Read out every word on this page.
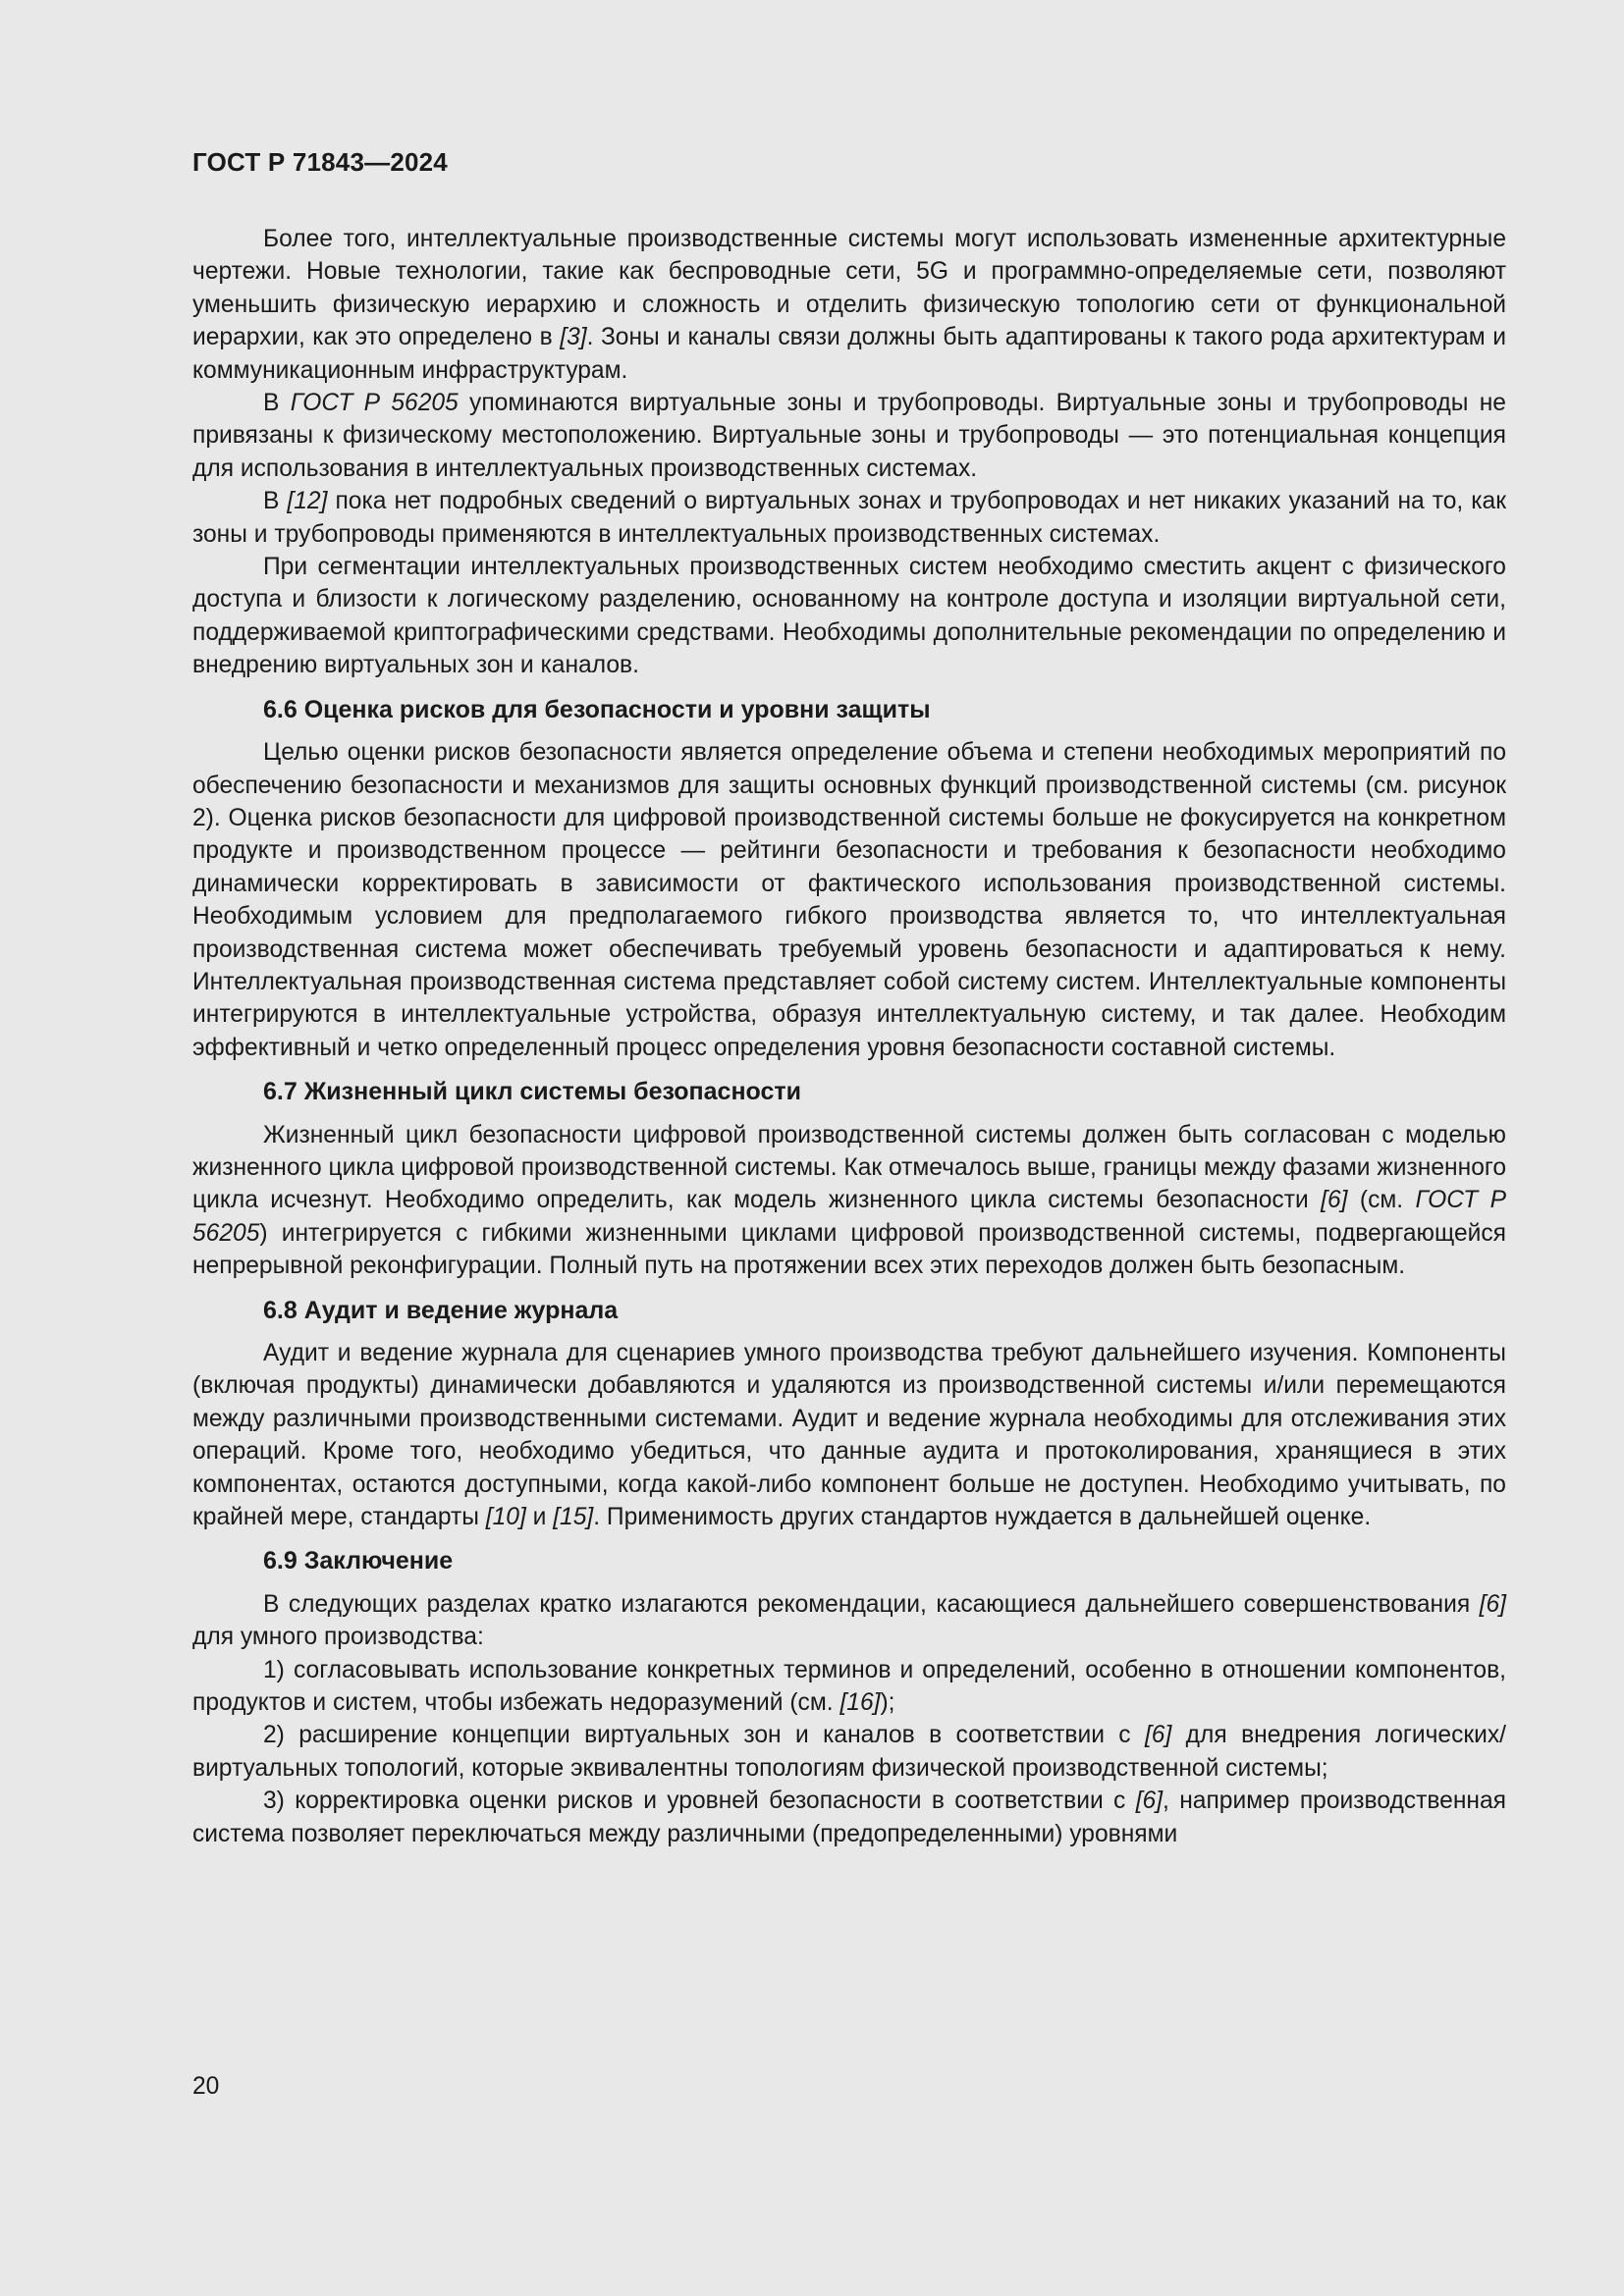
ГОСТ Р 71843—2024

Более того, интеллектуальные производственные системы могут использовать измененные архитектурные чертежи. Новые технологии, такие как беспроводные сети, 5G и программно-определяемые сети, позволяют уменьшить физическую иерархию и сложность и отделить физическую топологию сети от функциональной иерархии, как это определено в [3]. Зоны и каналы связи должны быть адаптированы к такого рода архитектурам и коммуникационным инфраструктурам.

В ГОСТ Р 56205 упоминаются виртуальные зоны и трубопроводы. Виртуальные зоны и трубопроводы не привязаны к физическому местоположению. Виртуальные зоны и трубопроводы — это потенциальная концепция для использования в интеллектуальных производственных системах.

В [12] пока нет подробных сведений о виртуальных зонах и трубопроводах и нет никаких указаний на то, как зоны и трубопроводы применяются в интеллектуальных производственных системах.

При сегментации интеллектуальных производственных систем необходимо сместить акцент с физического доступа и близости к логическому разделению, основанному на контроле доступа и изоляции виртуальной сети, поддерживаемой криптографическими средствами. Необходимы дополнительные рекомендации по определению и внедрению виртуальных зон и каналов.

6.6 Оценка рисков для безопасности и уровни защиты

Целью оценки рисков безопасности является определение объема и степени необходимых мероприятий по обеспечению безопасности и механизмов для защиты основных функций производственной системы (см. рисунок 2). Оценка рисков безопасности для цифровой производственной системы больше не фокусируется на конкретном продукте и производственном процессе — рейтинги безопасности и требования к безопасности необходимо динамически корректировать в зависимости от фактического использования производственной системы. Необходимым условием для предполагаемого гибкого производства является то, что интеллектуальная производственная система может обеспечивать требуемый уровень безопасности и адаптироваться к нему. Интеллектуальная производственная система представляет собой систему систем. Интеллектуальные компоненты интегрируются в интеллектуальные устройства, образуя интеллектуальную систему, и так далее. Необходим эффективный и четко определенный процесс определения уровня безопасности составной системы.

6.7 Жизненный цикл системы безопасности

Жизненный цикл безопасности цифровой производственной системы должен быть согласован с моделью жизненного цикла цифровой производственной системы. Как отмечалось выше, границы между фазами жизненного цикла исчезнут. Необходимо определить, как модель жизненного цикла системы безопасности [6] (см. ГОСТ Р 56205) интегрируется с гибкими жизненными циклами цифровой производственной системы, подвергающейся непрерывной реконфигурации. Полный путь на протяжении всех этих переходов должен быть безопасным.

6.8 Аудит и ведение журнала

Аудит и ведение журнала для сценариев умного производства требуют дальнейшего изучения. Компоненты (включая продукты) динамически добавляются и удаляются из производственной системы и/или перемещаются между различными производственными системами. Аудит и ведение журнала необходимы для отслеживания этих операций. Кроме того, необходимо убедиться, что данные аудита и протоколирования, хранящиеся в этих компонентах, остаются доступными, когда какой-либо компонент больше не доступен. Необходимо учитывать, по крайней мере, стандарты [10] и [15]. Применимость других стандартов нуждается в дальнейшей оценке.

6.9 Заключение

В следующих разделах кратко излагаются рекомендации, касающиеся дальнейшего совершенствования [6] для умного производства:

1) согласовывать использование конкретных терминов и определений, особенно в отношении компонентов, продуктов и систем, чтобы избежать недоразумений (см. [16]);

2) расширение концепции виртуальных зон и каналов в соответствии с [6] для внедрения логических/виртуальных топологий, которые эквивалентны топологиям физической производственной системы;

3) корректировка оценки рисков и уровней безопасности в соответствии с [6], например производственная система позволяет переключаться между различными (предопределенными) уровнями

20
